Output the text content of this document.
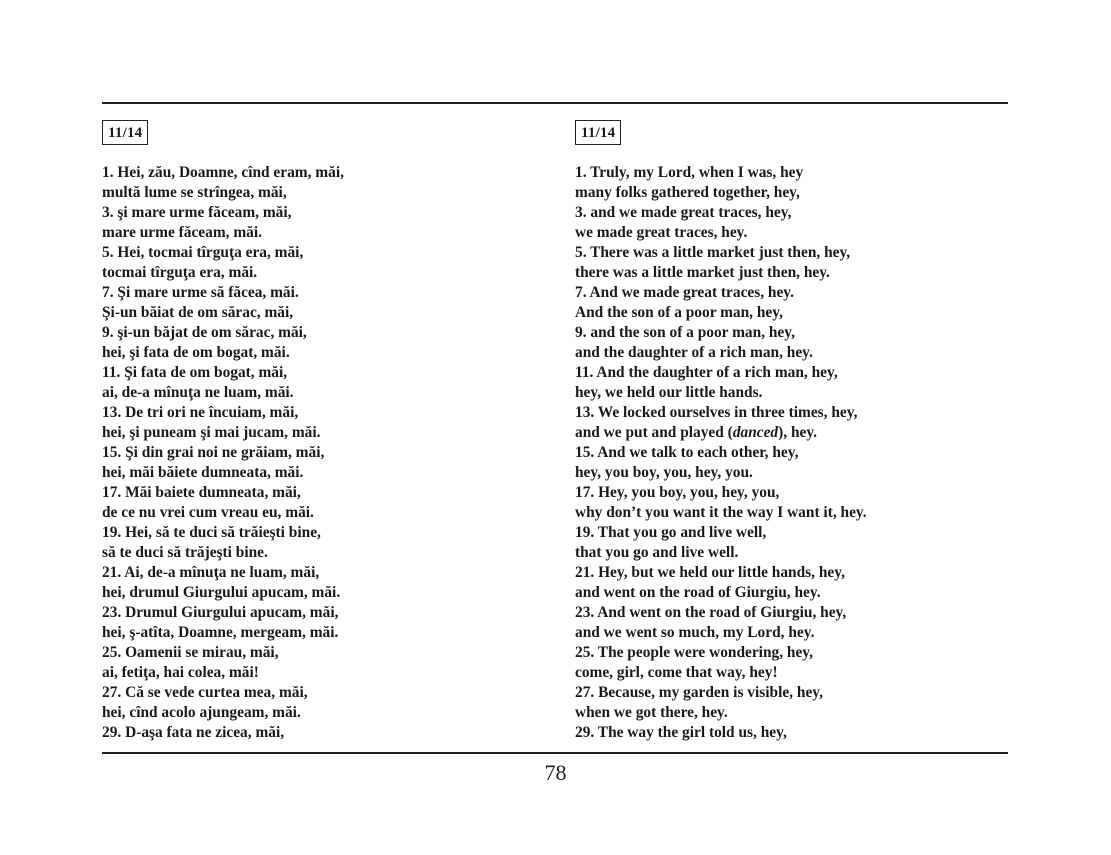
11/14
1. Hei, zău, Doamne, cînd eram, măi,
multă lume se strîngea, măi,
3. şi mare urme făceam, măi,
mare urme făceam, măi.
5. Hei, tocmai tîrguţa era, măi,
tocmai tîrguţa era, măi.
7. Şi mare urme să făcea, măi.
Şi-un băiat de om sărac, măi,
9. şi-un băjat de om sărac, măi,
hei, şi fata de om bogat, măi.
11. Şi fata de om bogat, măi,
ai, de-a mînuţa ne luam, măi.
13. De tri ori ne încuiam, măi,
hei, şi puneam şi mai jucam, măi.
15. Şi din grai noi ne grăiam, măi,
hei, măi băiete dumneata, măi.
17. Măi baiete dumneata, măi,
de ce nu vrei cum vreau eu, măi.
19. Hei, să te duci să trăieşti bine,
să te duci să trăjeşti bine.
21. Ai, de-a mînuţa ne luam, măi,
hei, drumul Giurgului apucam, măi.
23. Drumul Giurgului apucam, măi,
hei, ş-atîta, Doamne, mergeam, măi.
25. Oamenii se mirau, măi,
ai, fetiţa, hai colea, măi!
27. Că se vede curtea mea, măi,
hei, cînd acolo ajungeam, măi.
29. D-aşa fata ne zicea, măi,
11/14
1. Truly, my Lord, when I was, hey
many folks gathered together, hey,
3. and we made great traces, hey,
we made great traces, hey.
5. There was a little market just then, hey,
there was a little market just then, hey.
7. And we made great traces, hey.
And the son of a poor man, hey,
9. and the son of a poor man, hey,
and the daughter of a rich man, hey.
11. And the daughter of a rich man, hey,
hey, we held our little hands.
13. We locked ourselves in three times, hey,
and we put and played (danced), hey.
15. And we talk to each other, hey,
hey, you boy, you, hey, you.
17. Hey, you boy, you, hey, you,
why don’t you want it the way I want it, hey.
19. That you go and live well,
that you go and live well.
21. Hey, but we held our little hands, hey,
and went on the road of Giurgiu, hey.
23. And went on the road of Giurgiu, hey,
and we went so much, my Lord, hey.
25. The people were wondering, hey,
come, girl, come that way, hey!
27. Because, my garden is visible, hey,
when we got there, hey.
29. The way the girl told us, hey,
78
